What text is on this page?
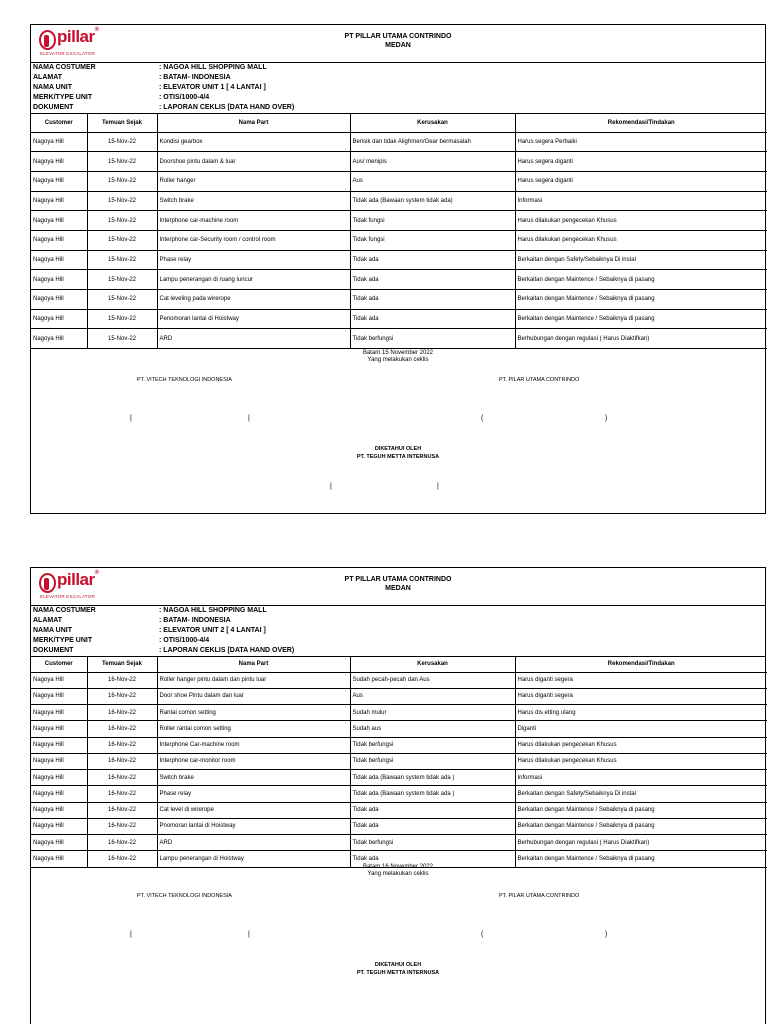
pillar®
ELEVATOR ESCALATOR
PT PILLAR UTAMA CONTRINDO
MEDAN
NAMA COSTUMER	: NAGOA HILL SHOPPING MALL
ALAMAT	: BATAM- INDONESIA
NAMA UNIT	: ELEVATOR UNIT 1 [ 4 LANTAI ]
MERK/TYPE UNIT	: OTIS/1000-4/4
DOKUMENT	: LAPORAN CEKLIS [DATA HAND OVER)
Customer	Temuan Sejak	Nama Part	Kerusakan	Rekomendasi/Tindakan
Nagoya Hill	15-Nov-22	Kondisi gearbox	Berisik dan tidak Alighmen/Gear bermasalah	Harus segera Perbaiki
Nagoya Hill	15-Nov-22	Doorshoe pintu dalam & luar	Aus/ menipis	Harus segera diganti
Nagoya Hill	15-Nov-22	Roller hanger	Aus	Harus segera diganti
Nagoya Hill	15-Nov-22	Switch brake	Tidak ada (Bawaan system tidak ada)	Informasi
Nagoya Hill	15-Nov-22	Interphone car-machine room	Tidak fungsi	Harus dilakukan pengecekan Khusus
Nagoya Hill	15-Nov-22	Interphone car-Security room / control room	Tidak fungsi	Harus dilakukan pengecekan Khusus
Nagoya Hill	15-Nov-22	Phase relay	Tidak ada	Berkaitan dengan Safety/Sebaiknya Di instal
Nagoya Hill	15-Nov-22	Lampu penerangan di ruang luncur	Tidak ada	Berkaitan dengan Maintence / Sebaiknya di pasang
Nagoya Hill	15-Nov-22	Cat leveling pada wirerope	Tidak ada	Berkaitan dengan Maintence / Sebaiknya di pasang
Nagoya Hill	15-Nov-22	Penomoran lantai di Hoistway	Tidak ada	Berkaitan dengan Maintence / Sebaiknya di pasang
Nagoya Hill	15-Nov-22	ARD	Tidak berfungsi	Berhubungan dengan regulasi ( Harus Diaktifkan)
Batam 15 November 2022
Yang melakukan ceklis
PT. VITECH TEKNOLOGI INDONESIA	PT. PILAR UTAMA CONTRINDO
|	|	(	)
DIKETAHUI OLEH
PT. TEGUH METTA INTERNUSA
|	|
pillar®
ELEVATOR ESCALATOR
PT PILLAR UTAMA CONTRINDO
MEDAN
NAMA COSTUMER	: NAGOA HILL SHOPPING MALL
ALAMAT	: BATAM- INDONESIA
NAMA UNIT	: ELEVATOR UNIT 2 [ 4 LANTAI ]
MERK/TYPE UNIT	: OTIS/1000-4/4
DOKUMENT	: LAPORAN CEKLIS [DATA HAND OVER)
Customer	Temuan Sejak	Nama Part	Kerusakan	Rekomendasi/Tindakan
Nagoya Hill	16-Nov-22	Roller hanger pintu dalam dan pintu luar	Sudah pecah-pecah dan Aus	Harus diganti segera
Nagoya Hill	16-Nov-22	Door shoe Pintu dalam dan luar	Aus	Harus diganti segera
Nagoya Hill	16-Nov-22	Rantai comon setting	Sudah mulur	Harus dis etting ulang
Nagoya Hill	16-Nov-22	Roller rantai comon setting	Sudah aus	Diganti
Nagoya Hill	16-Nov-22	Interphone Car-machine room	Tidak berfungsi	Harus dilakukan pengecekan Khusus
Nagoya Hill	16-Nov-22	Interphone car-monitor room	Tidak berfungsi	Harus dilakukan pengecekan Khusus
Nagoya Hill	16-Nov-22	Switch brake	Tidak ada (Bawaan system tidak ada )	Informasi
Nagoya Hill	16-Nov-22	Phase relay	Tidak ada (Bawaan system tidak ada )	Berkaitan dengan Safety/Sebaiknya Di instal
Nagoya Hill	16-Nov-22	Cat level di wirerope	Tidak ada	Berkaitan dengan Maintence / Sebaiknya di pasang
Nagoya Hill	16-Nov-22	Pnomoran lantai di Hoistway	Tidak ada	Berkaitan dengan Maintence / Sebaiknya di pasang
Nagoya Hill	16-Nov-22	ARD	Tidak berfungsi	Berhubungan dengan regulasi ( Harus Diaktifkan)
Nagoya Hill	16-Nov-22	Lampu penerangan di Hoistway	Tidak ada	Berkaitan dengan Maintence / Sebaiknya di pasang
Batam 16 November 2022
Yang melakukan ceklis
PT. VITECH TEKNOLOGI INDONESIA	PT. PILAR UTAMA CONTRINDO
|	|	(	)
DIKETAHUI OLEH
PT. TEGUH METTA INTERNUSA
